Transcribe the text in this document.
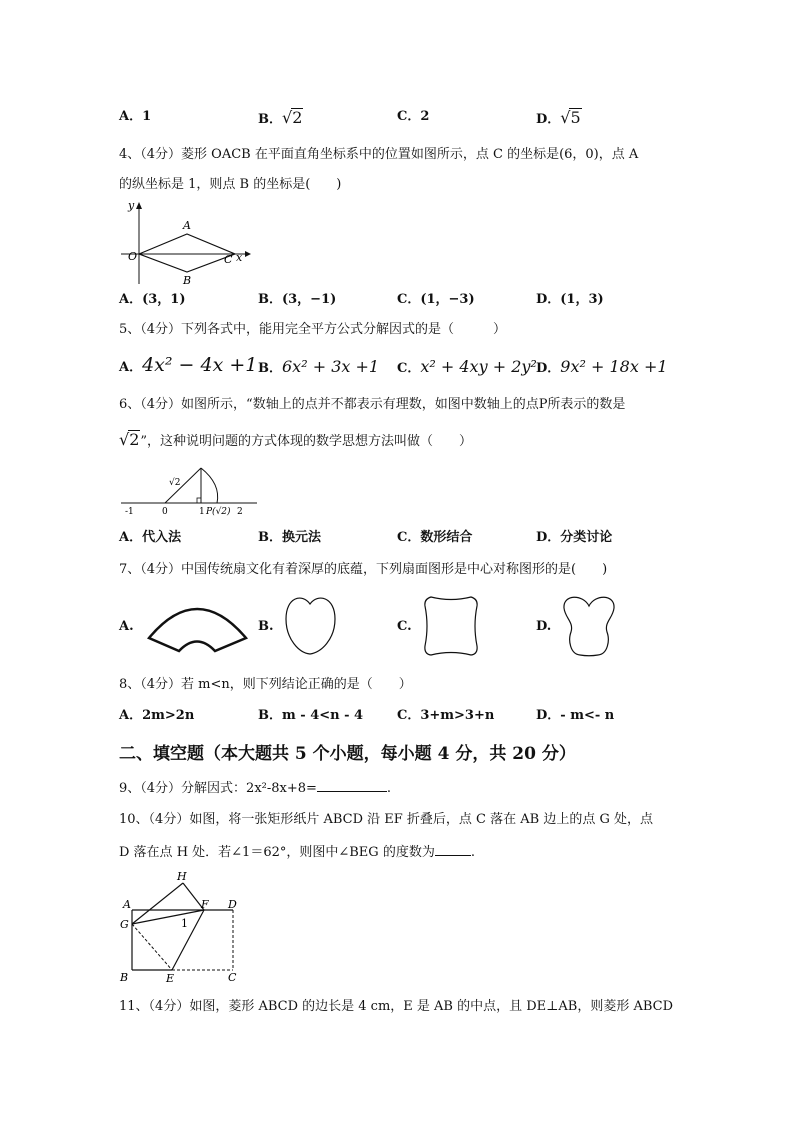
A．1	B．√2	C．2	D．√5
4、（4分）菱形 OACB 在平面直角坐标系中的位置如图所示，点 C 的坐标是(6，0)，点 A
的纵坐标是 1，则点 B 的坐标是(　　)
y
x
O
A
B
C
A．(3，1)	B．(3，−1)	C．(1，−3)	D．(1，3)
5、（4分）下列各式中，能用完全平方公式分解因式的是（　　　）
A．4x² − 4x +1 B．6x² + 3x +1 C．x² + 4xy + 2y² D．9x² + 18x +1
6、（4分）如图所示，“数轴上的点并不都表示有理数，如图中数轴上的点P所表示的数是
√2”，这种说明问题的方式体现的数学思想方法叫做（　　）
-1	0	1 P(√2) 2
√2
A．代入法	B．换元法	C．数形结合	D．分类讨论
7、（4分）中国传统扇文化有着深厚的底蕴，下列扇面图形是中心对称图形的是(　　)
A.	B.	C.	D.
8、（4分）若 m<n，则下列结论正确的是（　　）
A．2m>2n	B．m - 4<n - 4	C．3+m>3+n	D．- m<- n
二、填空题（本大题共 5 个小题，每小题 4 分，共 20 分）
9、（4分）分解因式：2x²-8x+8=	.
10、（4分）如图，将一张矩形纸片 ABCD 沿 EF 折叠后，点 C 落在 AB 边上的点 G 处，点
D 落在点 H 处．若∠1＝62°，则图中∠BEG 的度数为	.
H
A	F D
G	1
B	E	C
11、（4分）如图，菱形 ABCD 的边长是 4 cm，E 是 AB 的中点，且 DE⊥AB，则菱形 ABCD
